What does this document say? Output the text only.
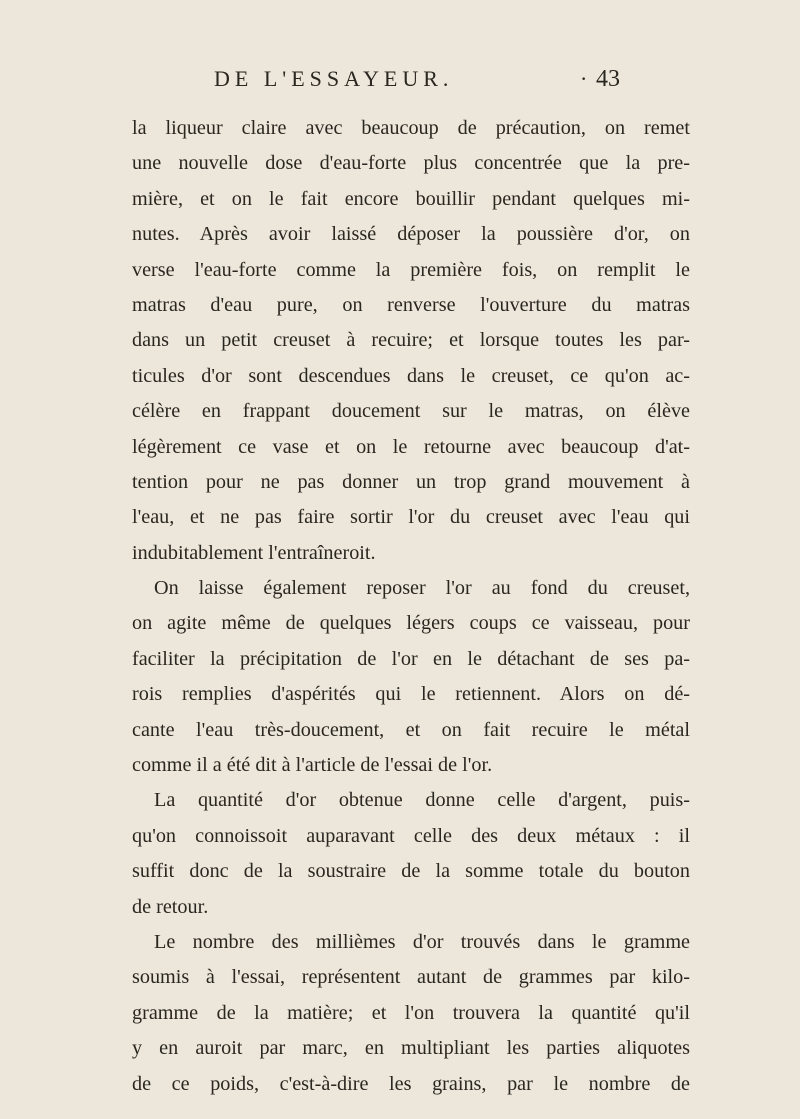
DE L'ESSAYEUR.	· 43
la liqueur claire avec beaucoup de précaution, on remet
une nouvelle dose d'eau-forte plus concentrée que la pre-
mière, et on le fait encore bouillir pendant quelques mi-
nutes. Après avoir laissé déposer la poussière d'or, on
verse l'eau-forte comme la première fois, on remplit le
matras d'eau pure, on renverse l'ouverture du matras
dans un petit creuset à recuire; et lorsque toutes les par-
ticules d'or sont descendues dans le creuset, ce qu'on ac-
célère en frappant doucement sur le matras, on élève
légèrement ce vase et on le retourne avec beaucoup d'at-
tention pour ne pas donner un trop grand mouvement à
l'eau, et ne pas faire sortir l'or du creuset avec l'eau qui
indubitablement l'entraîneroit.
On laisse également reposer l'or au fond du creuset,
on agite même de quelques légers coups ce vaisseau, pour
faciliter la précipitation de l'or en le détachant de ses pa-
rois remplies d'aspérités qui le retiennent. Alors on dé-
cante l'eau très-doucement, et on fait recuire le métal
comme il a été dit à l'article de l'essai de l'or.
La quantité d'or obtenue donne celle d'argent, puis-
qu'on connoissoit auparavant celle des deux métaux : il
suffit donc de la soustraire de la somme totale du bouton
de retour.
Le nombre des millièmes d'or trouvés dans le gramme
soumis à l'essai, représentent autant de grammes par kilo-
gramme de la matière; et l'on trouvera la quantité qu'il
y en auroit par marc, en multipliant les parties aliquotes
de ce poids, c'est-à-dire les grains, par le nombre de
